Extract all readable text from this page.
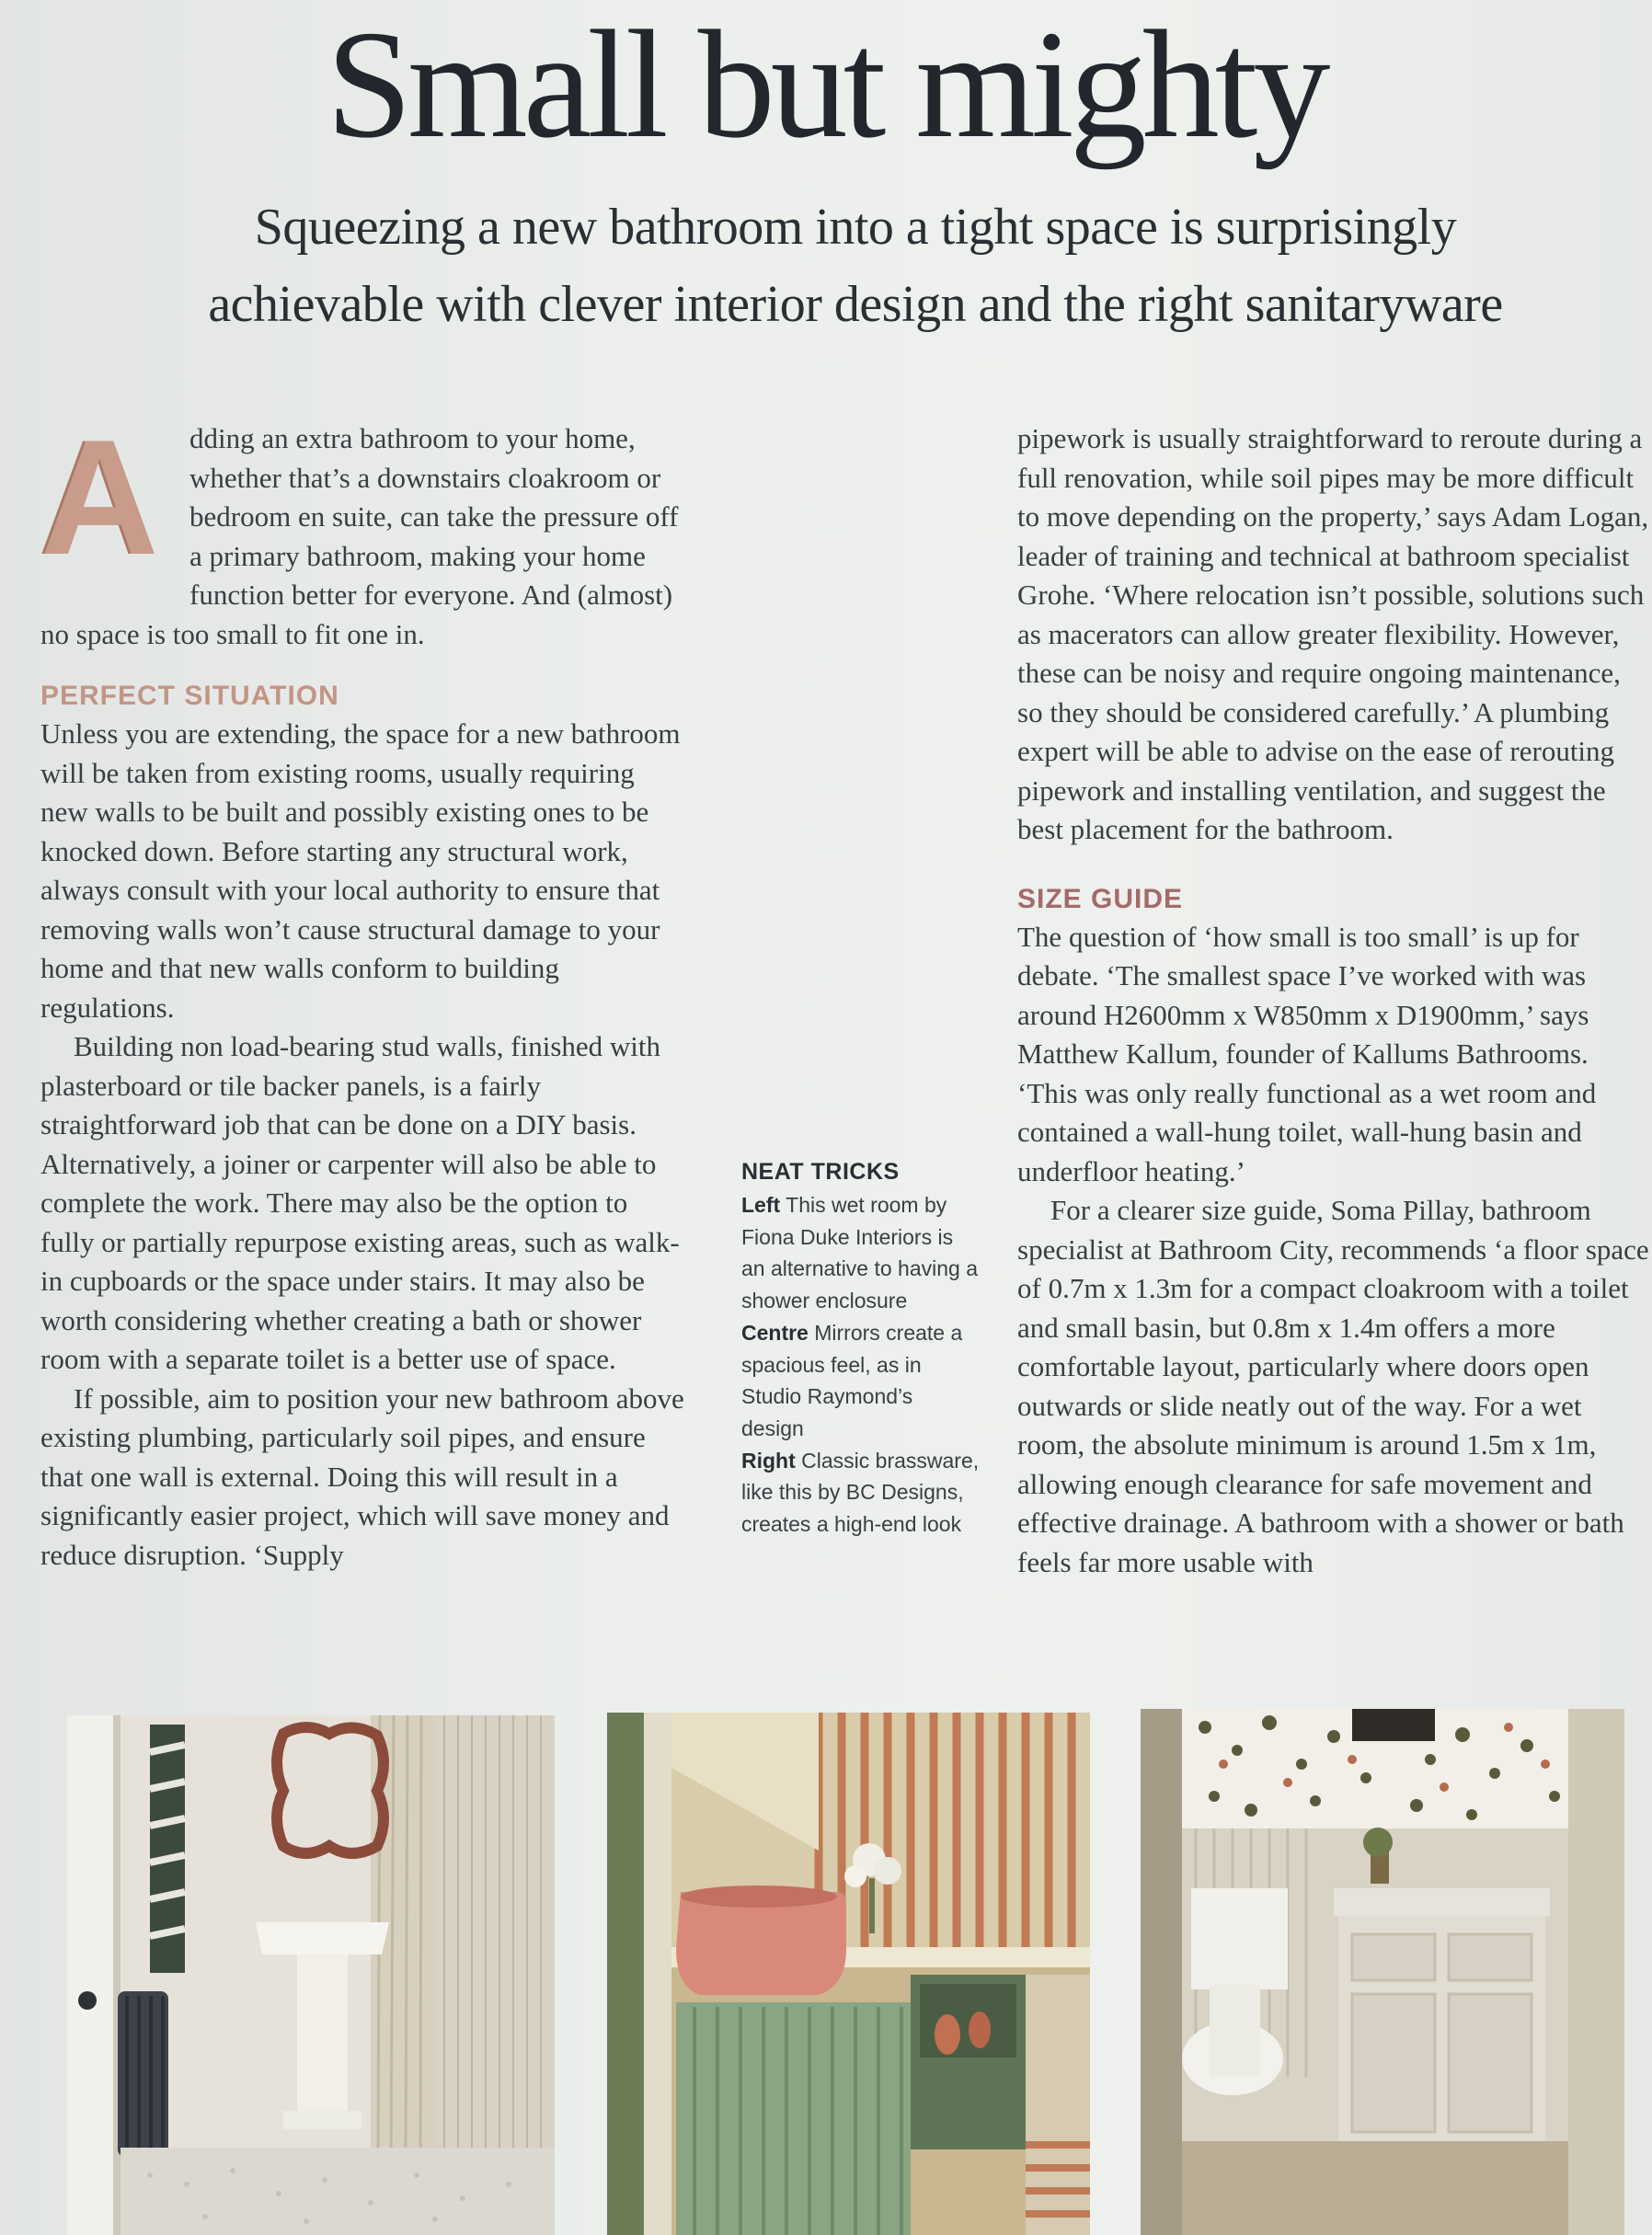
Small but mighty
Squeezing a new bathroom into a tight space is surprisingly
achievable with clever interior design and the right sanitaryware
A	dding an extra bathroom to your home, whether that’s a downstairs cloakroom or bedroom en suite, can take the pressure off a primary bathroom, making your home function better for everyone. And (almost) no space is too small to fit one in.

PERFECT SITUATION

Unless you are extending, the space for a new bathroom will be taken from existing rooms, usually requiring new walls to be built and possibly existing ones to be knocked down. Before starting any structural work, always consult with your local authority to ensure that removing walls won’t cause structural damage to your home and that new walls conform to building regulations.

Building non load-bearing stud walls, finished with plasterboard or tile backer panels, is a fairly straightforward job that can be done on a DIY basis. Alternatively, a joiner or carpenter will also be able to complete the work. There may also be the option to fully or partially repurpose existing areas, such as walk-in cupboards or the space under stairs. It may also be worth considering whether creating a bath or shower room with a separate toilet is a better use of space.

If possible, aim to position your new bathroom above existing plumbing, particularly soil pipes, and ensure that one wall is external. Doing this will result in a significantly easier project, which will save money and reduce disruption. ‘Supply

NEAT TRICKS
Left This wet room by Fiona Duke Interiors is an alternative to having a shower enclosure
Centre Mirrors create a spacious feel, as in Studio Raymond’s design
Right Classic brassware, like this by BC Designs, creates a high-end look

pipework is usually straightforward to reroute during a full renovation, while soil pipes may be more difficult to move depending on the property,’ says Adam Logan, leader of training and technical at bathroom specialist Grohe. ‘Where relocation isn’t possible, solutions such as macerators can allow greater flexibility. However, these can be noisy and require ongoing maintenance, so they should be considered carefully.’ A plumbing expert will be able to advise on the ease of rerouting pipework and installing ventilation, and suggest the best placement for the bathroom.

SIZE GUIDE

The question of ‘how small is too small’ is up for debate. ‘The smallest space I’ve worked with was around H2600mm x W850mm x D1900mm,’ says Matthew Kallum, founder of Kallums Bathrooms. ‘This was only really functional as a wet room and contained a wall-hung toilet, wall-hung basin and underfloor heating.’

For a clearer size guide, Soma Pillay, bathroom specialist at Bathroom City, recommends ‘a floor space of 0.7m x 1.3m for a compact cloakroom with a toilet and small basin, but 0.8m x 1.4m offers a more comfortable layout, particularly where doors open outwards or slide neatly out of the way. For a wet room, the absolute minimum is around 1.5m x 1m, allowing enough clearance for safe movement and effective drainage. A bathroom with a shower or bath feels far more usable with
